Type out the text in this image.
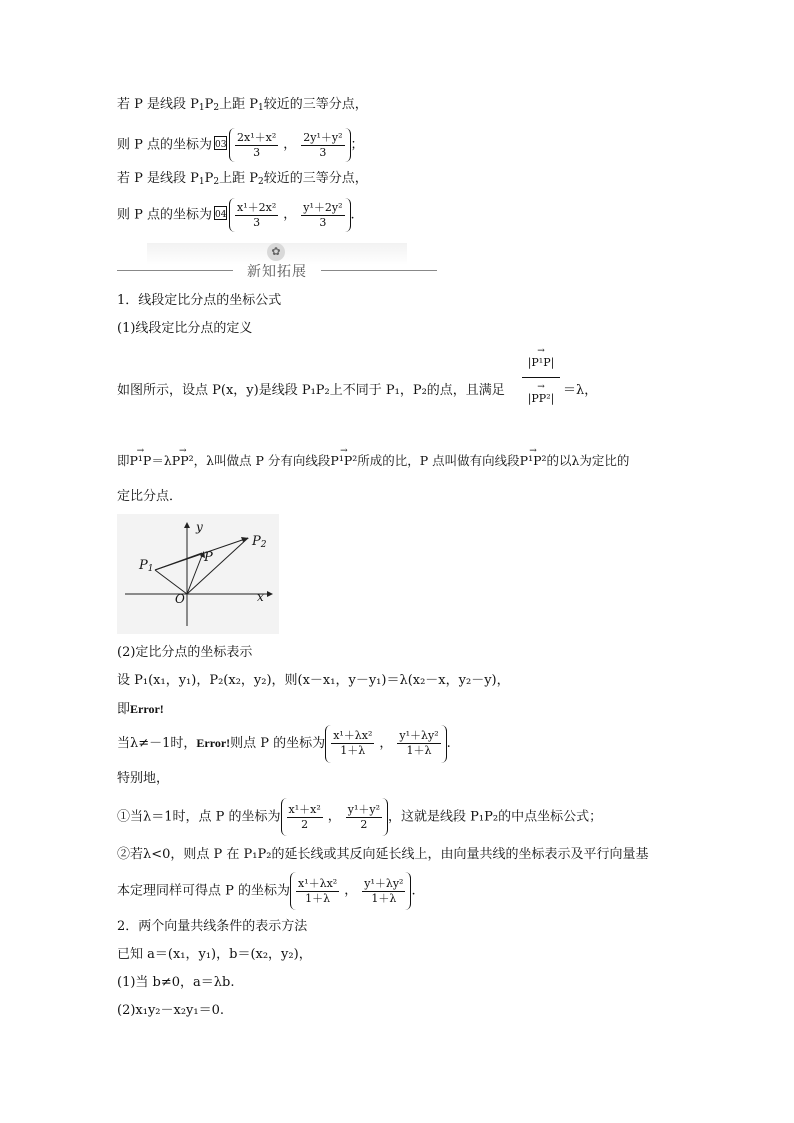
若 P 是线段 $P_1P_2$上距 $P_1$较近的三等分点，
则 P 点的坐标为 $03 \frac{\text{2x¹＋x²}}{3}$ ， $\frac{\text{2y¹＋y²}}{3}$ ；
若 P 是线段 $P_1P_2$上距 $P_2$较近的三等分点，
则 P 点的坐标为 $04 \frac{\text{x¹＋2x²}}{3}$ ， $\frac{\text{y¹＋2y²}}{3}$ .
✿
新知拓展
1．线段定比分点的坐标公式
(1)线段定比分点的定义
→ |P¹P|
→ |PP²|
如图所示，设点 P(x，y)是线段 P₁P₂上不同于 P₁，P₂的点，且满足	＝λ，
即→ P¹P＝λ→ PP²，λ叫做点 P 分有向线段→ P¹P²所成的比，P 点叫做有向线段→ P¹P²的以λ为定比的
定比分点．
y
x
O
P
$P_1$
$P_2$
(2)定比分点的坐标表示
设 P₁(x₁，y₁)，P₂(x₂，y₂)，则(x－x₁，y－y₁)＝λ(x₂－x，y₂－y)，
即Error!
当λ≠－1时，Error!则点 P 的坐标为 $\frac{\text{x¹＋λx²}}{1+\lambda}$ ， $\frac{\text{y¹＋λy²}}{1+\lambda}$ .
特别地，
①当λ＝1时，点 P 的坐标为 $\frac{\text{x¹＋x²}}{2}$ ， $\frac{\text{y¹＋y²}}{2}$ ，这就是线段 P₁P₂的中点坐标公式；
②若λ<0，则点 P 在 P₁P₂的延长线或其反向延长线上，由向量共线的坐标表示及平行向量基
本定理同样可得点 P 的坐标为 $\frac{\text{x¹＋λx²}}{1+\lambda}$ ， $\frac{\text{y¹＋λy²}}{1+\lambda}$ .
2．两个向量共线条件的表示方法
已知 a＝(x₁，y₁)，b＝(x₂，y₂)，
(1)当 b≠0，a＝λb.
(2)x₁y₂－x₂y₁＝0.
